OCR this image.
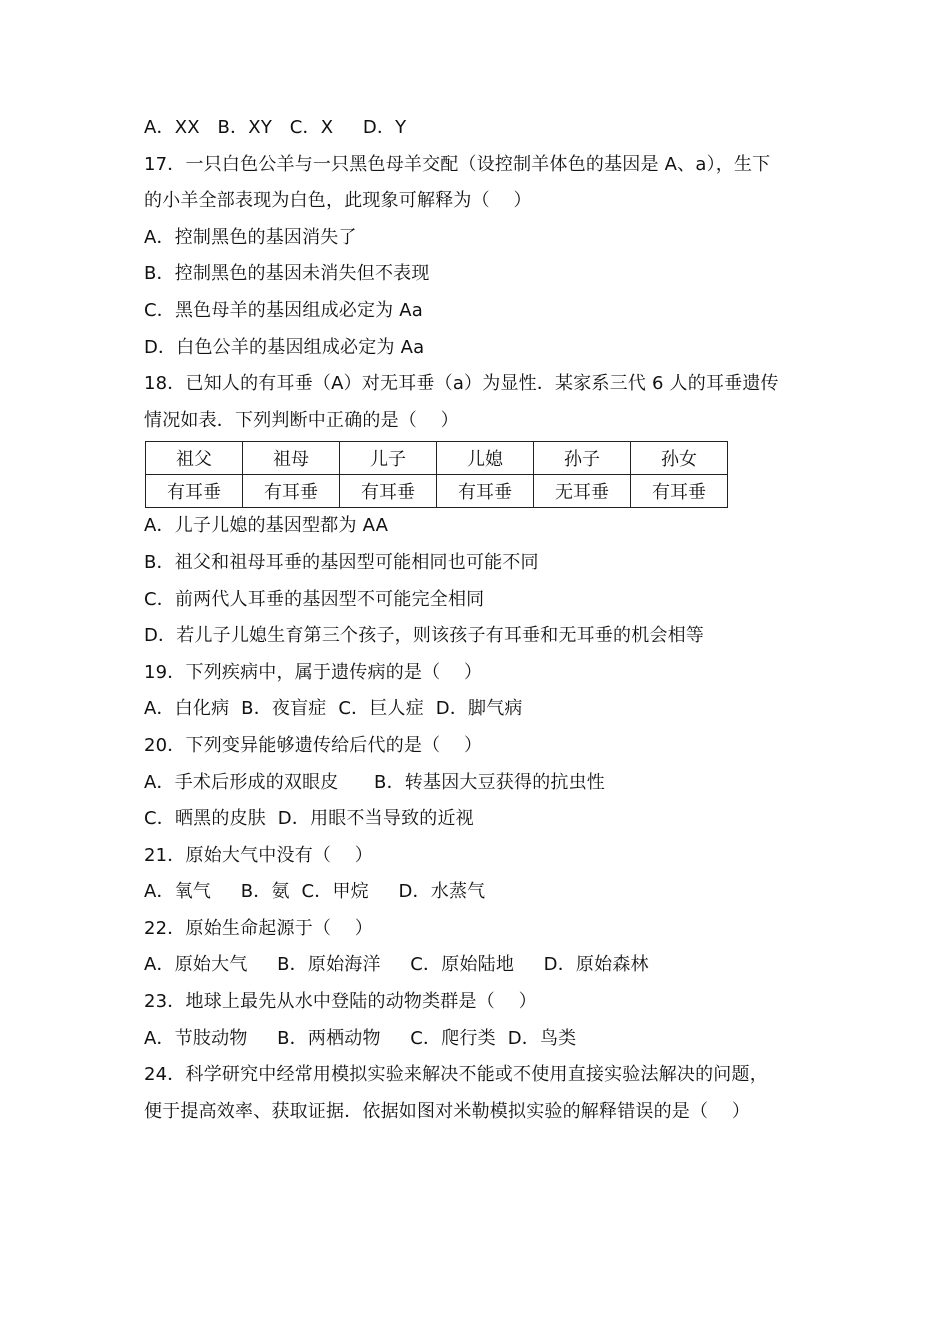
A．XX   B．XY   C．X     D．Y
17．一只白色公羊与一只黑色母羊交配（设控制羊体色的基因是 A、a），生下
的小羊全部表现为白色，此现象可解释为（    ）
A．控制黑色的基因消失了
B．控制黑色的基因未消失但不表现
C．黑色母羊的基因组成必定为 Aa
D．白色公羊的基因组成必定为 Aa
18．已知人的有耳垂（A）对无耳垂（a）为显性．某家系三代 6 人的耳垂遗传
情况如表．下列判断中正确的是（    ）
祖父	祖母	儿子	儿媳	孙子	孙女
有耳垂	有耳垂	有耳垂	有耳垂	无耳垂	有耳垂
A．儿子儿媳的基因型都为 AA
B．祖父和祖母耳垂的基因型可能相同也可能不同
C．前两代人耳垂的基因型不可能完全相同
D．若儿子儿媳生育第三个孩子，则该孩子有耳垂和无耳垂的机会相等
19．下列疾病中，属于遗传病的是（    ）
A．白化病  B．夜盲症  C．巨人症  D．脚气病
20．下列变异能够遗传给后代的是（    ）
A．手术后形成的双眼皮      B．转基因大豆获得的抗虫性
C．晒黑的皮肤  D．用眼不当导致的近视
21．原始大气中没有（    ）
A．氧气     B．氨  C．甲烷     D．水蒸气
22．原始生命起源于（    ）
A．原始大气     B．原始海洋     C．原始陆地     D．原始森林
23．地球上最先从水中登陆的动物类群是（    ）
A．节肢动物     B．两栖动物     C．爬行类  D．鸟类
24．科学研究中经常用模拟实验来解决不能或不使用直接实验法解决的问题，
便于提高效率、获取证据．依据如图对米勒模拟实验的解释错误的是（    ）
